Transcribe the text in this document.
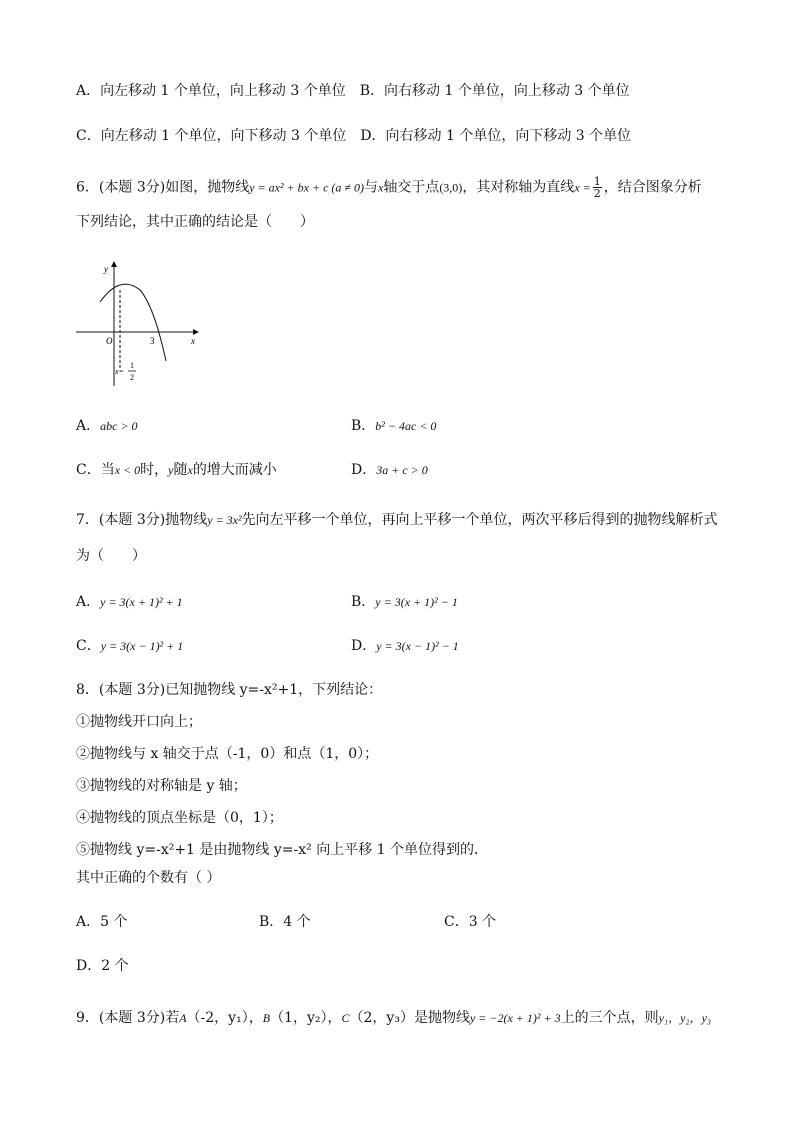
A．向左移动 1 个单位，向上移动 3 个单位 B．向右移动 1 个单位，向上移动 3 个单位
C．向左移动 1 个单位，向下移动 3 个单位 D．向右移动 1 个单位，向下移动 3 个单位
6．(本题 3分)如图，抛物线y = ax² + bx + c (a ≠ 0)与x轴交于点(3,0)，其对称轴为直线$x = \frac{1}{2}$ ，结合图象分析
下列结论，其中正确的结论是（　　）
y
x
O	3
x=
1
2
A．abc > 0	B．b² − 4ac < 0
C．当x < 0时，y随x的增大而减小	D．3a + c > 0
7．(本题 3分)抛物线y = 3x²先向左平移一个单位，再向上平移一个单位，两次平移后得到的抛物线解析式
为（　　）
A．y = 3(x + 1)² + 1	B．y = 3(x + 1)² − 1
C．y = 3(x − 1)² + 1	D．y = 3(x − 1)² − 1
8．(本题 3分)已知抛物线 y=-x²+1，下列结论：
①抛物线开口向上；
②抛物线与 x 轴交于点（-1，0）和点（1，0）；
③抛物线的对称轴是 y 轴；
④抛物线的顶点坐标是（0，1）；
⑤抛物线 y=-x²+1 是由抛物线 y=-x² 向上平移 1 个单位得到的．
其中正确的个数有（ ）
A．5 个	B．4 个	C．3 个
D．2 个
9．(本题 3分)若A（-2，y₁），B（1，y₂），C（2，y₃）是抛物线y = −2(x + 1)² + 3上的三个点，则y₁，y₂，y₃
